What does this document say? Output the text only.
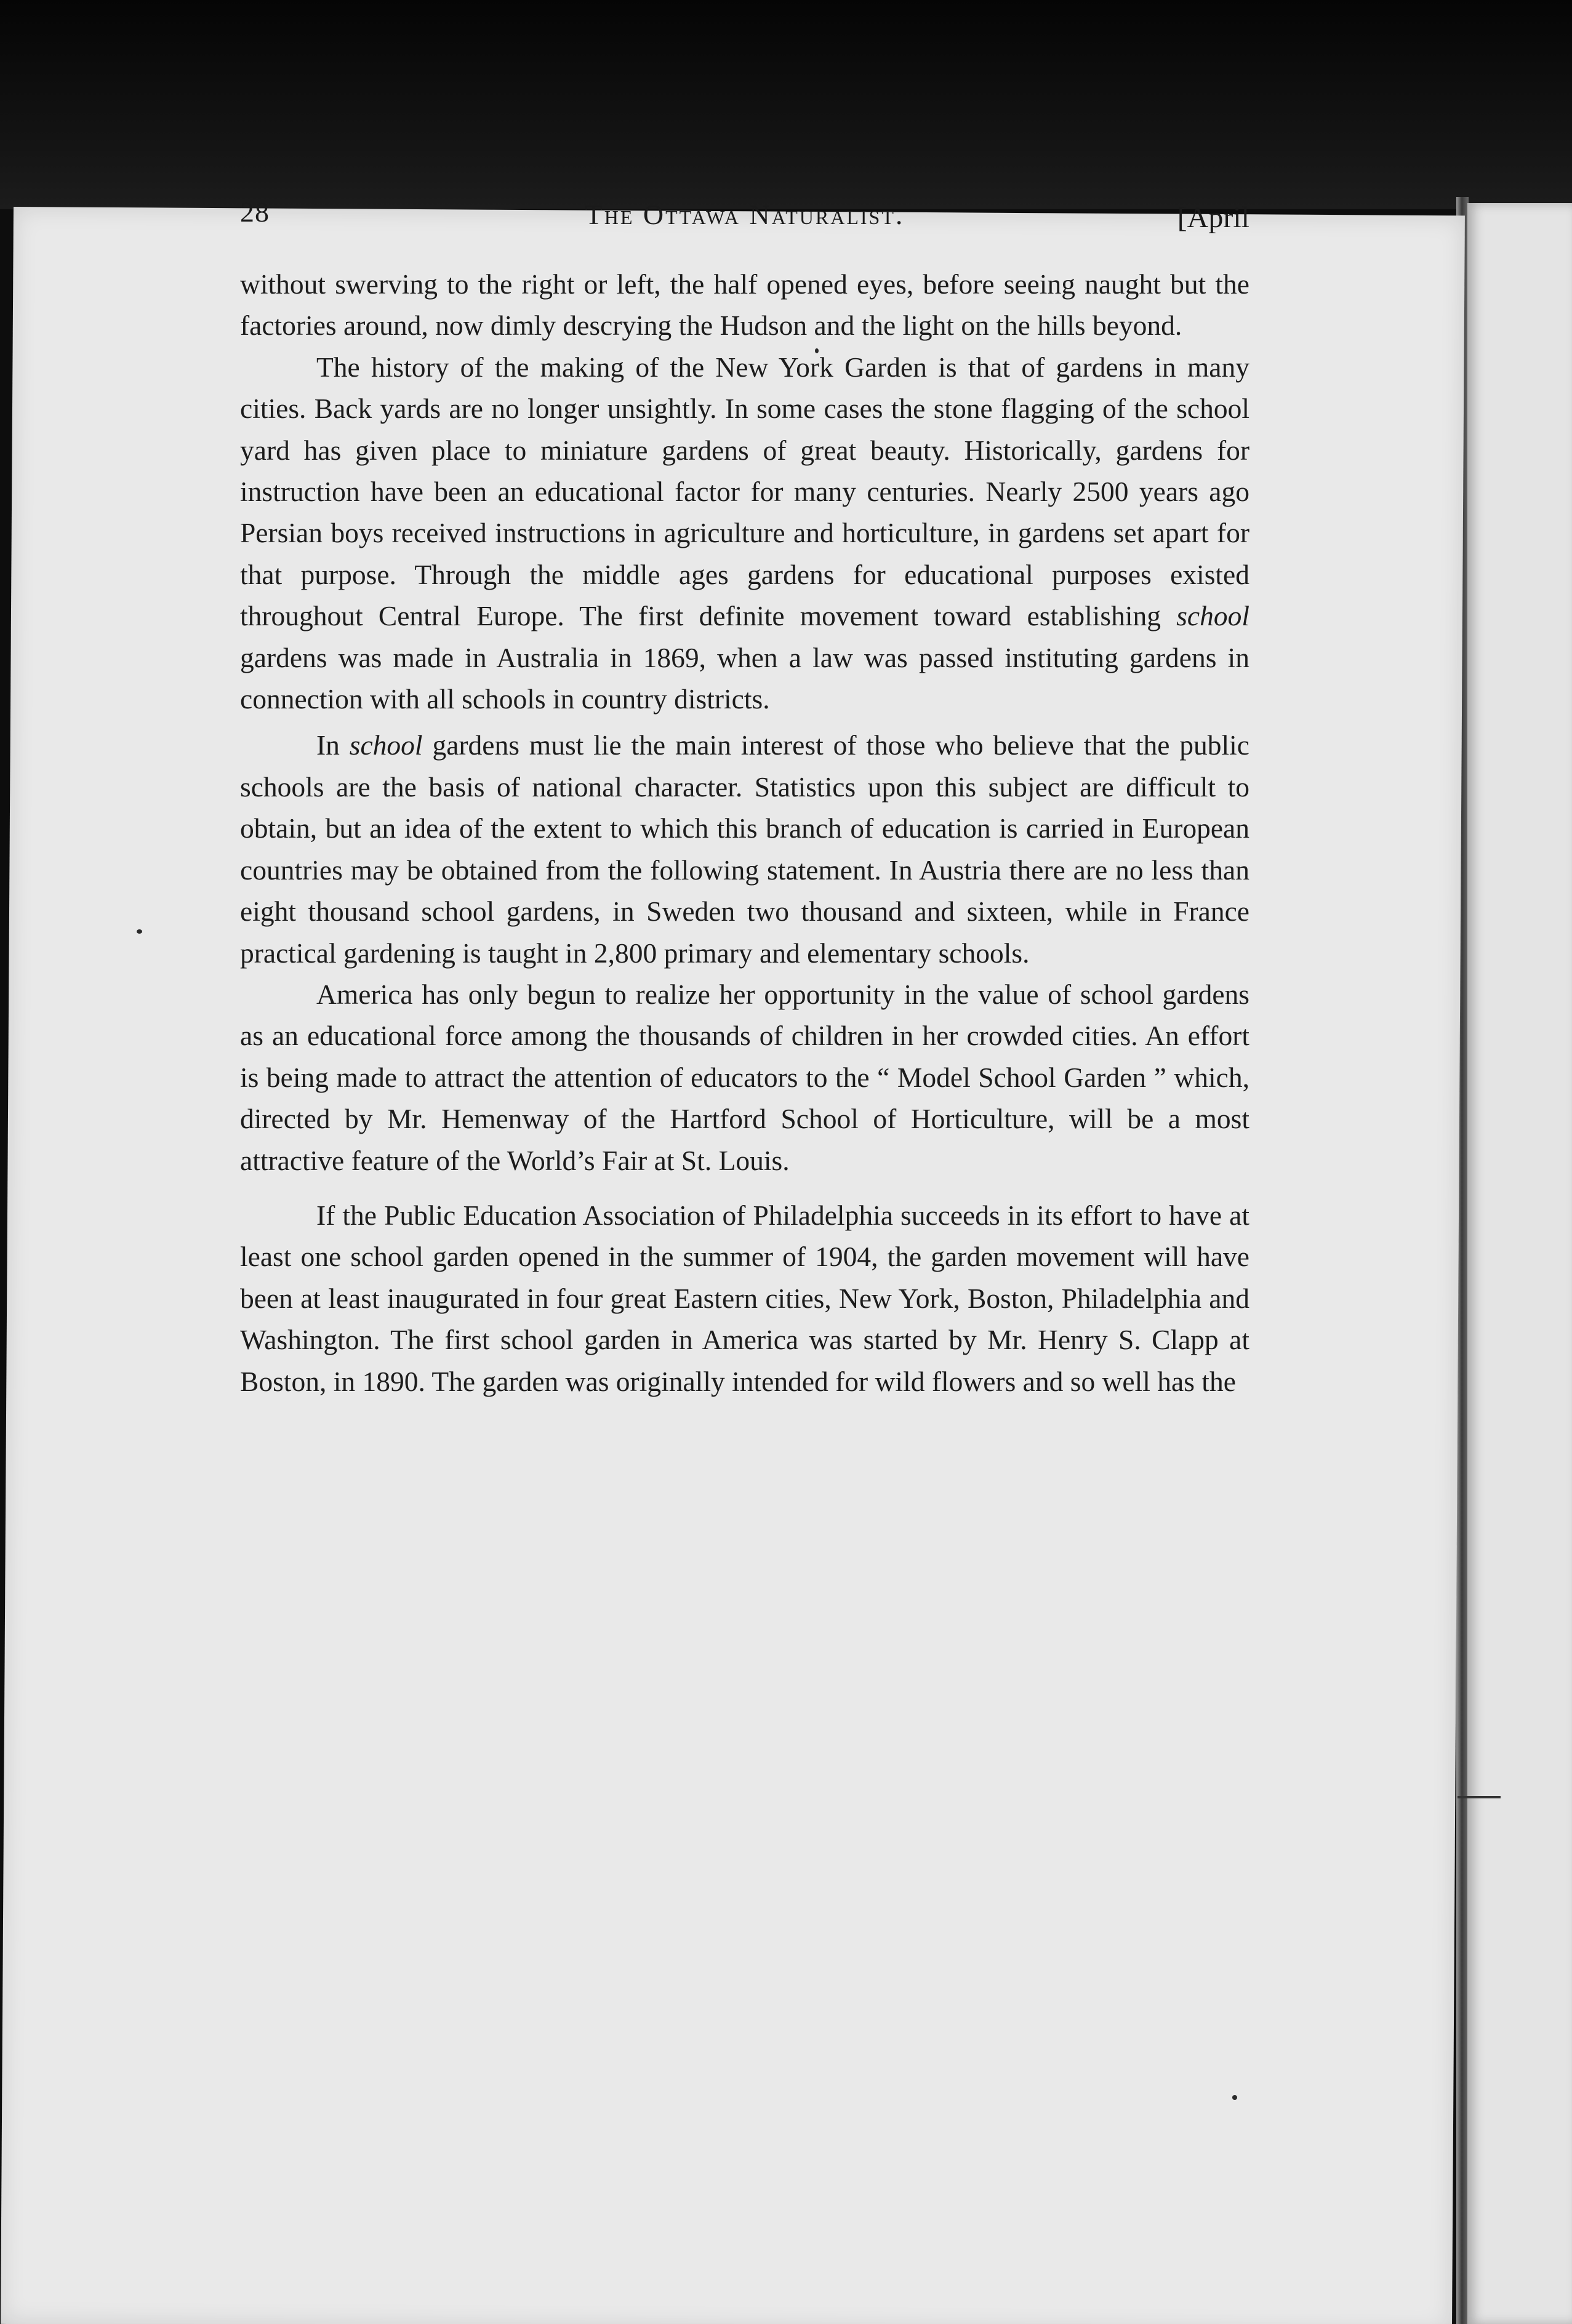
28	The Ottawa Naturalist.	[April

without swerving to the right or left, the half opened eyes, before seeing naught but the factories around, now dimly descrying the Hudson and the light on the hills beyond.

The history of the making of the New York Garden is that of gardens in many cities. Back yards are no longer unsightly. In some cases the stone flagging of the school yard has given place to miniature gardens of great beauty. Historically, gardens for instruction have been an educational factor for many centuries. Nearly 2500 years ago Persian boys received instructions in agriculture and horticulture, in gardens set apart for that purpose. Through the middle ages gardens for educational purposes existed throughout Central Europe. The first definite movement toward establishing school gardens was made in Australia in 1869, when a law was passed instituting gardens in connection with all schools in country districts.

In school gardens must lie the main interest of those who believe that the public schools are the basis of national character. Statistics upon this subject are difficult to obtain, but an idea of the extent to which this branch of education is carried in European countries may be obtained from the following statement. In Austria there are no less than eight thousand school gardens, in Sweden two thousand and sixteen, while in France practical gardening is taught in 2,800 primary and elementary schools.

America has only begun to realize her opportunity in the value of school gardens as an educational force among the thousands of children in her crowded cities. An effort is being made to attract the attention of educators to the “ Model School Garden ” which, directed by Mr. Hemenway of the Hartford School of Horticulture, will be a most attractive feature of the World’s Fair at St. Louis.

If the Public Education Association of Philadelphia succeeds in its effort to have at least one school garden opened in the summer of 1904, the garden movement will have been at least inaugurated in four great Eastern cities, New York, Boston, Philadelphia and Washington. The first school garden in America was started by Mr. Henry S. Clapp at Boston, in 1890. The garden was originally intended for wild flowers and so well has the
